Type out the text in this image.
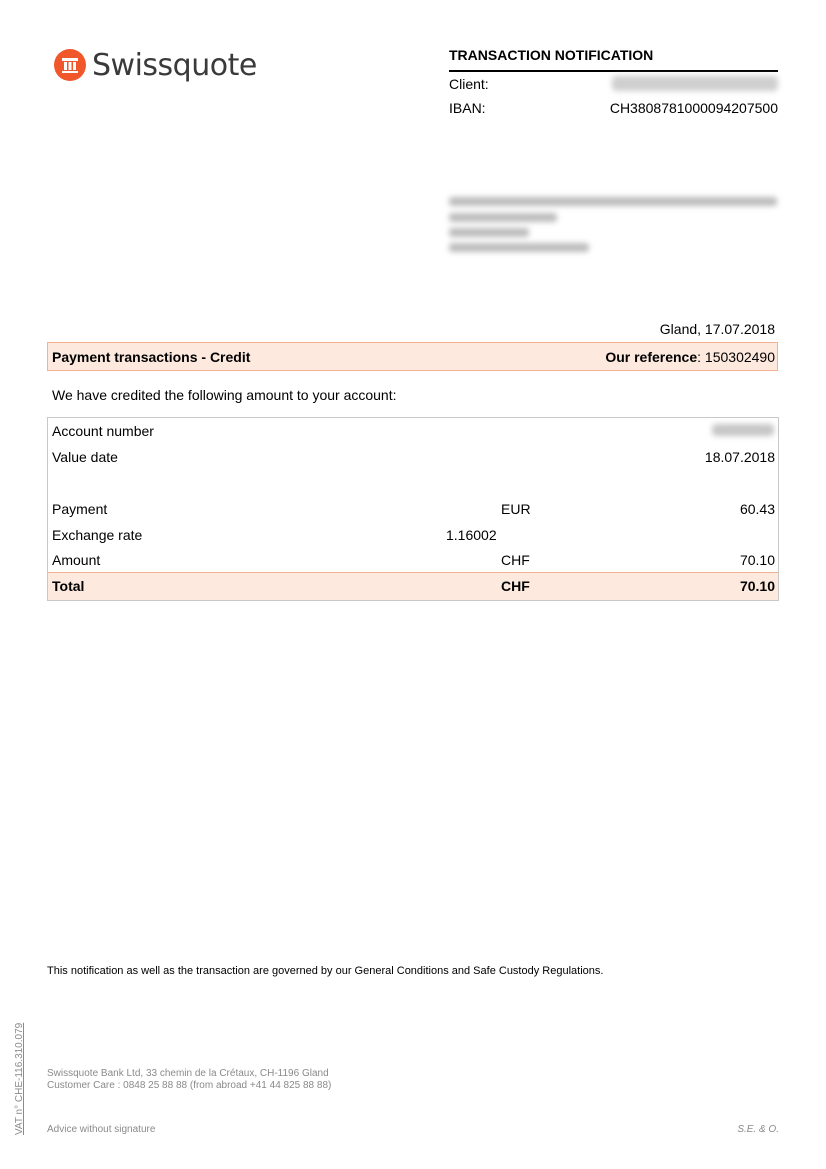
Swissquote	TRANSACTION NOTIFICATION
Client:
IBAN:	CH3808781000094207500
Gland, 17.07.2018
Payment transactions - Credit	Our reference: 150302490
We have credited the following amount to your account:
Account number
Value date	18.07.2018
Payment	EUR	60.43
Exchange rate	1.16002
Amount	CHF	70.10
Total	CHF	70.10
This notification as well as the transaction are governed by our General Conditions and Safe Custody Regulations.
Swissquote Bank Ltd, 33 chemin de la Crétaux, CH-1196 Gland
Customer Care : 0848 25 88 88 (from abroad +41 44 825 88 88)
Advice without signature	S.E. & O.
VAT n° CHE-116.310.079
